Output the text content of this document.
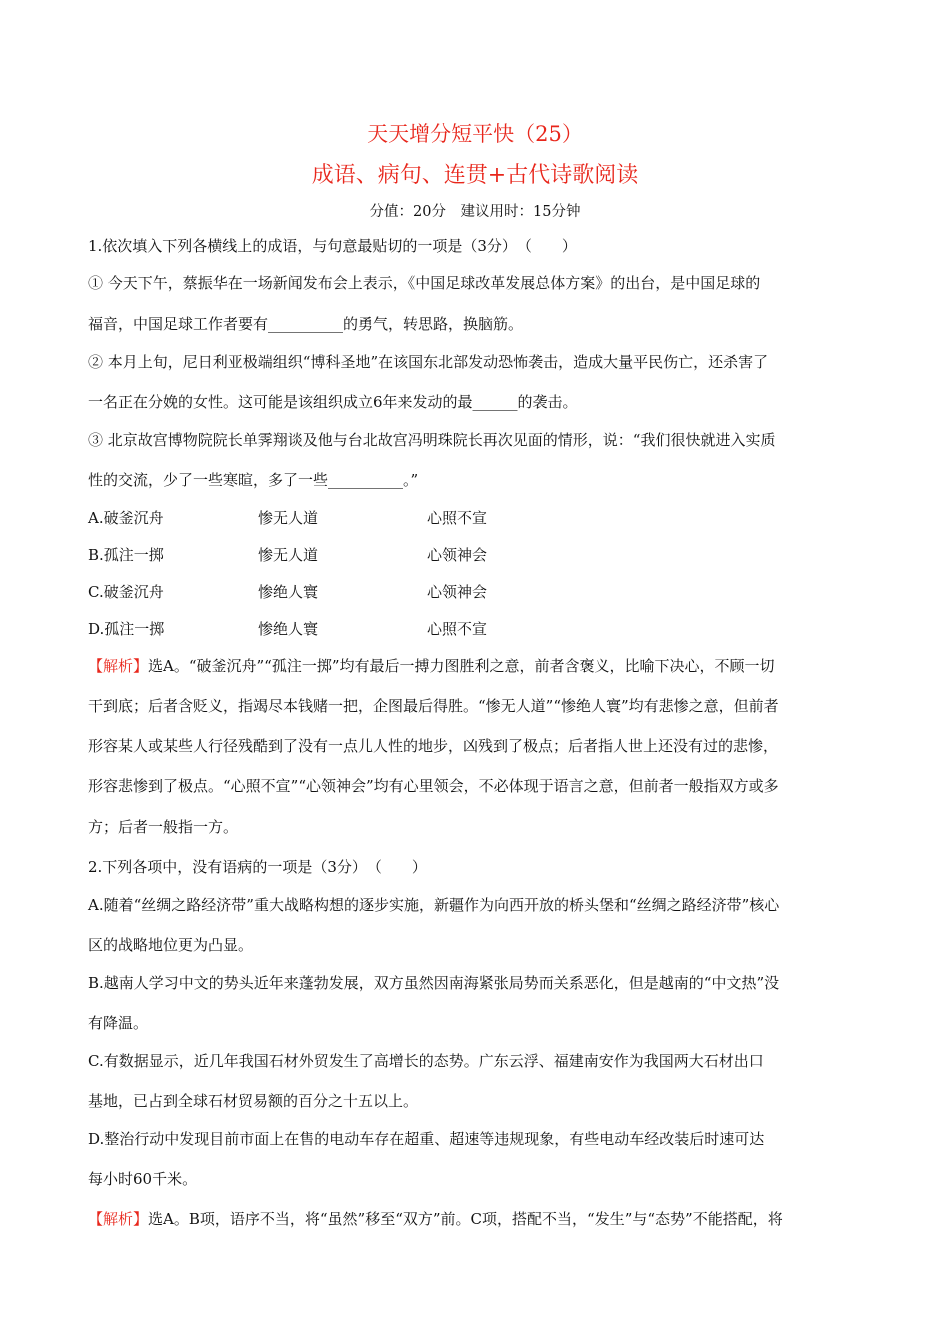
天天增分短平快（25）
成语、病句、连贯+古代诗歌阅读
分值：20分　建议用时：15分钟
1.依次填入下列各横线上的成语，与句意最贴切的一项是（3分）　（　　）
① 今天下午，蔡振华在一场新闻发布会上表示，《中国足球改革发展总体方案》的出台，是中国足球的
福音，中国足球工作者要有__________的勇气，转思路，换脑筋。
② 本月上旬，尼日利亚极端组织“博科圣地”在该国东北部发动恐怖袭击，造成大量平民伤亡，还杀害了
一名正在分娩的女性。这可能是该组织成立6年来发动的最______的袭击。
③ 北京故宫博物院院长单霁翔谈及他与台北故宫冯明珠院长再次见面的情形，说：“我们很快就进入实质
性的交流，少了一些寒暄，多了一些__________。”
A.破釜沉舟	惨无人道	心照不宣
B.孤注一掷	惨无人道	心领神会
C.破釜沉舟	惨绝人寰	心领神会
D.孤注一掷	惨绝人寰	心照不宣
【解析】选A。“破釜沉舟”“孤注一掷”均有最后一搏力图胜利之意，前者含褒义，比喻下决心，不顾一切
干到底；后者含贬义，指竭尽本钱赌一把，企图最后得胜。“惨无人道”“惨绝人寰”均有悲惨之意，但前者
形容某人或某些人行径残酷到了没有一点儿人性的地步，凶残到了极点；后者指人世上还没有过的悲惨，
形容悲惨到了极点。“心照不宣”“心领神会”均有心里领会，不必体现于语言之意，但前者一般指双方或多
方；后者一般指一方。
2.下列各项中，没有语病的一项是（3分）　（　　）
A.随着“丝绸之路经济带”重大战略构想的逐步实施，新疆作为向西开放的桥头堡和“丝绸之路经济带”核心
区的战略地位更为凸显。
B.越南人学习中文的势头近年来蓬勃发展，双方虽然因南海紧张局势而关系恶化，但是越南的“中文热”没
有降温。
C.有数据显示，近几年我国石材外贸发生了高增长的态势。广东云浮、福建南安作为我国两大石材出口
基地，已占到全球石材贸易额的百分之十五以上。
D.整治行动中发现目前市面上在售的电动车存在超重、超速等违规现象，有些电动车经改装后时速可达
每小时60千米。
【解析】选A。B项，语序不当，将“虽然”移至“双方”前。C项，搭配不当，“发生”与“态势”不能搭配，将
